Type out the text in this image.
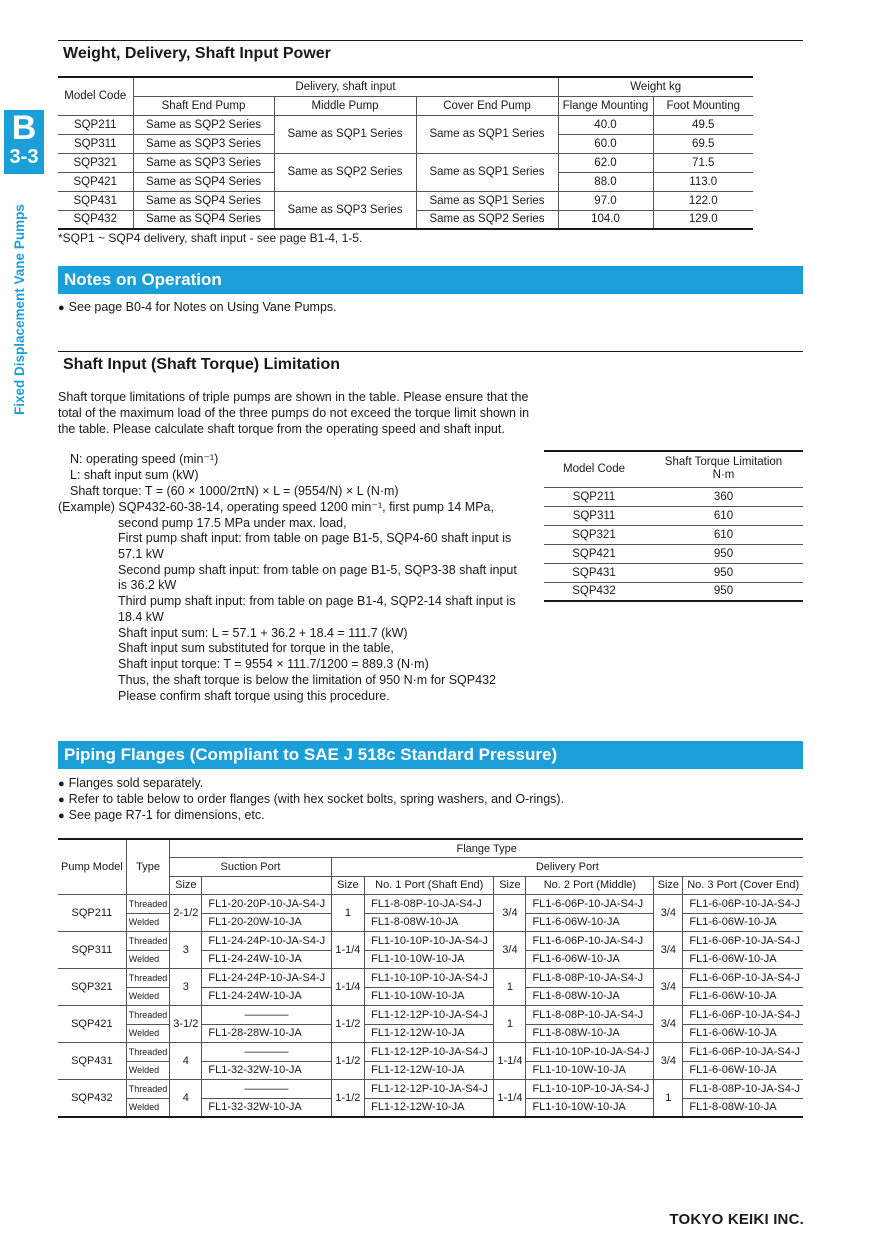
B
3-3
Fixed Displacement Vane Pumps
Weight, Delivery, Shaft Input Power
Model Code	Delivery, shaft input			Weight kg	
	Shaft End Pump	Middle Pump	Cover End Pump	Flange Mounting	Foot Mounting
SQP211	Same as SQP2 Series	Same as SQP1 Series	Same as SQP1 Series	40.0	49.5
SQP311	Same as SQP3 Series			60.0	69.5
SQP321	Same as SQP3 Series	Same as SQP2 Series	Same as SQP1 Series	62.0	71.5
SQP421	Same as SQP4 Series			88.0	113.0
SQP431	Same as SQP4 Series	Same as SQP3 Series	Same as SQP1 Series	97.0	122.0
SQP432	Same as SQP4 Series		Same as SQP2 Series	104.0	129.0

*SQP1 ~ SQP4 delivery, shaft input - see page B1-4, 1-5.

Notes on Operation
● See page B0-4 for Notes on Using Vane Pumps.
Shaft Input (Shaft Torque) Limitation

Shaft torque limitations of triple pumps are shown in the table. Please ensure that the total of the maximum load of the three pumps do not exceed the torque limit shown in the table. Please calculate shaft torque from the operating speed and shaft input.

N: operating speed (min⁻¹)
L: shaft input sum (kW)
Shaft torque: T = (60 × 1000/2πN) × L = (9554/N) × L (N·m)
(Example) SQP432-60-38-14, operating speed 1200 min⁻¹, first pump 14 MPa,
second pump 17.5 MPa under max. load,
First pump shaft input: from table on page B1-5, SQP4-60 shaft input is
57.1 kW
Second pump shaft input: from table on page B1-5, SQP3-38 shaft input
is 36.2 kW
Third pump shaft input: from table on page B1-4, SQP2-14 shaft input is
18.4 kW
Shaft input sum: L = 57.1 + 36.2 + 18.4 = 111.7 (kW)
Shaft input sum substituted for torque in the table,
Shaft input torque: T = 9554 × 111.7/1200 = 889.3 (N·m)
Thus, the shaft torque is below the limitation of 950 N·m for SQP432
Please confirm shaft torque using this procedure.
Model Code	Shaft Torque Limitation
N·m
SQP211	360
SQP311	610
SQP321	610
SQP421	950
SQP431	950
SQP432	950
Piping Flanges (Compliant to SAE J 518c Standard Pressure)
● Flanges sold separately.
● Refer to table below to order flanges (with hex socket bolts, spring washers, and O-rings).
● See page R7-1 for dimensions, etc.
Pump Model	Type	Flange Type							
		Suction Port		Delivery Port					
		Size		Size	No. 1 Port (Shaft End)	Size	No. 2 Port (Middle)	Size	No. 3 Port (Cover End)
SQP211	Threaded	2-1/2	FL1-20-20P-10-JA-S4-J	1	FL1-8-08P-10-JA-S4-J	3/4	FL1-6-06P-10-JA-S4-J	3/4	FL1-6-06P-10-JA-S4-J
	Welded		FL1-20-20W-10-JA		FL1-8-08W-10-JA		FL1-6-06W-10-JA		FL1-6-06W-10-JA
SQP311	Threaded	3	FL1-24-24P-10-JA-S4-J	1-1/4	FL1-10-10P-10-JA-S4-J	3/4	FL1-6-06P-10-JA-S4-J	3/4	FL1-6-06P-10-JA-S4-J
	Welded		FL1-24-24W-10-JA		FL1-10-10W-10-JA		FL1-6-06W-10-JA		FL1-6-06W-10-JA
SQP321	Threaded	3	FL1-24-24P-10-JA-S4-J	1-1/4	FL1-10-10P-10-JA-S4-J	1	FL1-8-08P-10-JA-S4-J	3/4	FL1-6-06P-10-JA-S4-J
	Welded		FL1-24-24W-10-JA		FL1-10-10W-10-JA		FL1-8-08W-10-JA		FL1-6-06W-10-JA
SQP421	Threaded	3-1/2	————	1-1/2	FL1-12-12P-10-JA-S4-J	1	FL1-8-08P-10-JA-S4-J	3/4	FL1-6-06P-10-JA-S4-J
	Welded		FL1-28-28W-10-JA		FL1-12-12W-10-JA		FL1-8-08W-10-JA		FL1-6-06W-10-JA
SQP431	Threaded	4	————	1-1/2	FL1-12-12P-10-JA-S4-J	1-1/4	FL1-10-10P-10-JA-S4-J	3/4	FL1-6-06P-10-JA-S4-J
	Welded		FL1-32-32W-10-JA		FL1-12-12W-10-JA		FL1-10-10W-10-JA		FL1-6-06W-10-JA
SQP432	Threaded	4	————	1-1/2	FL1-12-12P-10-JA-S4-J	1-1/4	FL1-10-10P-10-JA-S4-J	1	FL1-8-08P-10-JA-S4-J
	Welded		FL1-32-32W-10-JA		FL1-12-12W-10-JA		FL1-10-10W-10-JA		FL1-8-08W-10-JA
TOKYO KEIKI INC.
